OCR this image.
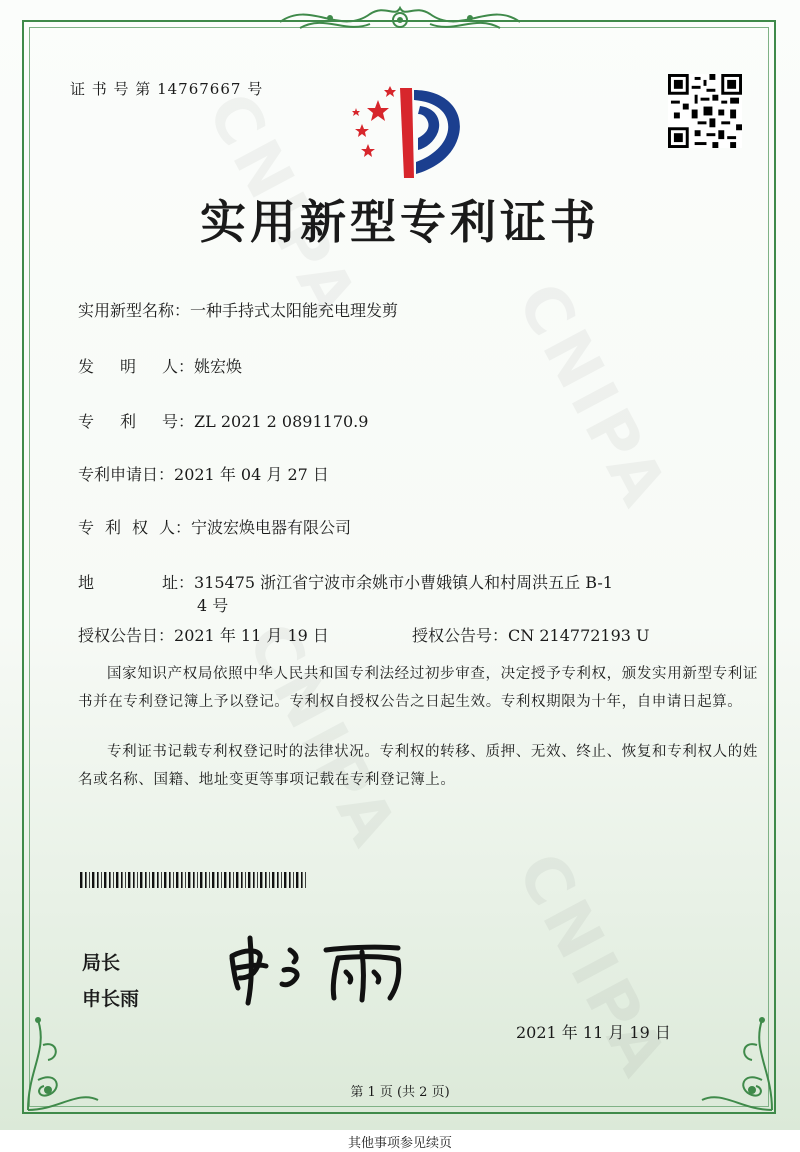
证 书 号 第 14767667 号
实用新型专利证书
实用新型名称：一种手持式太阳能充电理发剪
发 明 人：姚宏焕
专 利 号：ZL 2021 2 0891170.9
专利申请日：2021 年 04 月 27 日
专 利 权 人：宁波宏焕电器有限公司
地	址：315475 浙江省宁波市余姚市小曹娥镇人和村周洪五丘 B-1
4 号
授权公告日：2021 年 11 月 19 日	授权公告号：CN 214772193 U
国家知识产权局依照中华人民共和国专利法经过初步审查，决定授予专利权，颁发实用新型专利证书并在专利登记簿上予以登记。专利权自授权公告之日起生效。专利权期限为十年，自申请日起算。
专利证书记载专利权登记时的法律状况。专利权的转移、质押、无效、终止、恢复和专利权人的姓名或名称、国籍、地址变更等事项记载在专利登记簿上。
局长
申长雨
2021 年 11 月 19 日
第 1 页 (共 2 页)
其他事项参见续页
